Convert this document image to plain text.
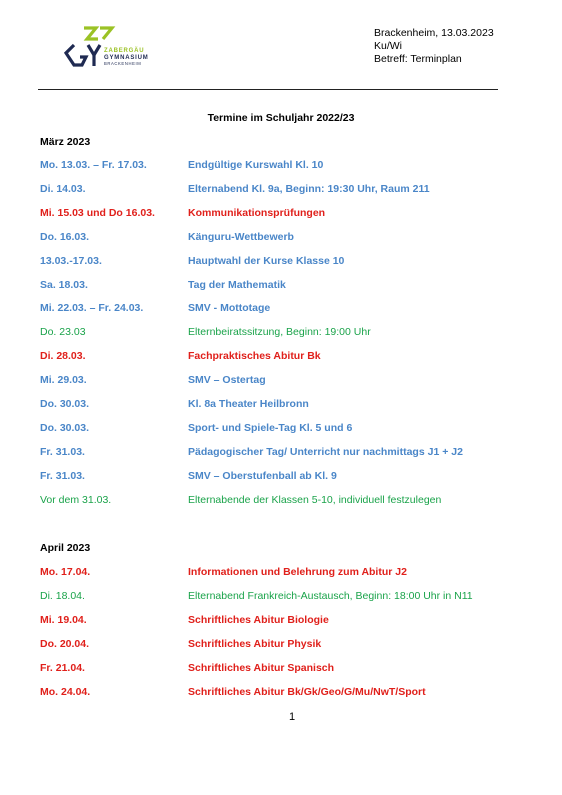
ZABERGÄU
GYMNASIUM
BRACKENHEIM
Brackenheim, 13.03.2023
Ku/Wi
Betreff: Terminplan
Termine im Schuljahr 2022/23
März 2023
Mo. 13.03. – Fr. 17.03.	Endgültige Kurswahl Kl. 10
Di. 14.03.	Elternabend Kl. 9a, Beginn: 19:30 Uhr, Raum 211
Mi. 15.03 und Do 16.03.	Kommunikationsprüfungen
Do. 16.03.	Känguru-Wettbewerb
13.03.-17.03.	Hauptwahl der Kurse Klasse 10
Sa. 18.03.	Tag der Mathematik
Mi. 22.03. – Fr. 24.03.	SMV - Mottotage
Do. 23.03	Elternbeiratssitzung, Beginn: 19:00 Uhr
Di. 28.03.	Fachpraktisches Abitur Bk
Mi. 29.03.	SMV – Ostertag
Do. 30.03.	Kl. 8a Theater Heilbronn
Do. 30.03.	Sport- und Spiele-Tag Kl. 5 und 6
Fr. 31.03.	Pädagogischer Tag/ Unterricht nur nachmittags J1 + J2
Fr. 31.03.	SMV – Oberstufenball ab Kl. 9
Vor dem 31.03.	Elternabende der Klassen 5-10, individuell festzulegen
April 2023
Mo. 17.04.	Informationen und Belehrung zum Abitur J2
Di. 18.04.	Elternabend Frankreich-Austausch, Beginn: 18:00 Uhr in N11
Mi. 19.04.	Schriftliches Abitur Biologie
Do. 20.04.	Schriftliches Abitur Physik
Fr. 21.04.	Schriftliches Abitur Spanisch
Mo. 24.04.	Schriftliches Abitur Bk/Gk/Geo/G/Mu/NwT/Sport
1
